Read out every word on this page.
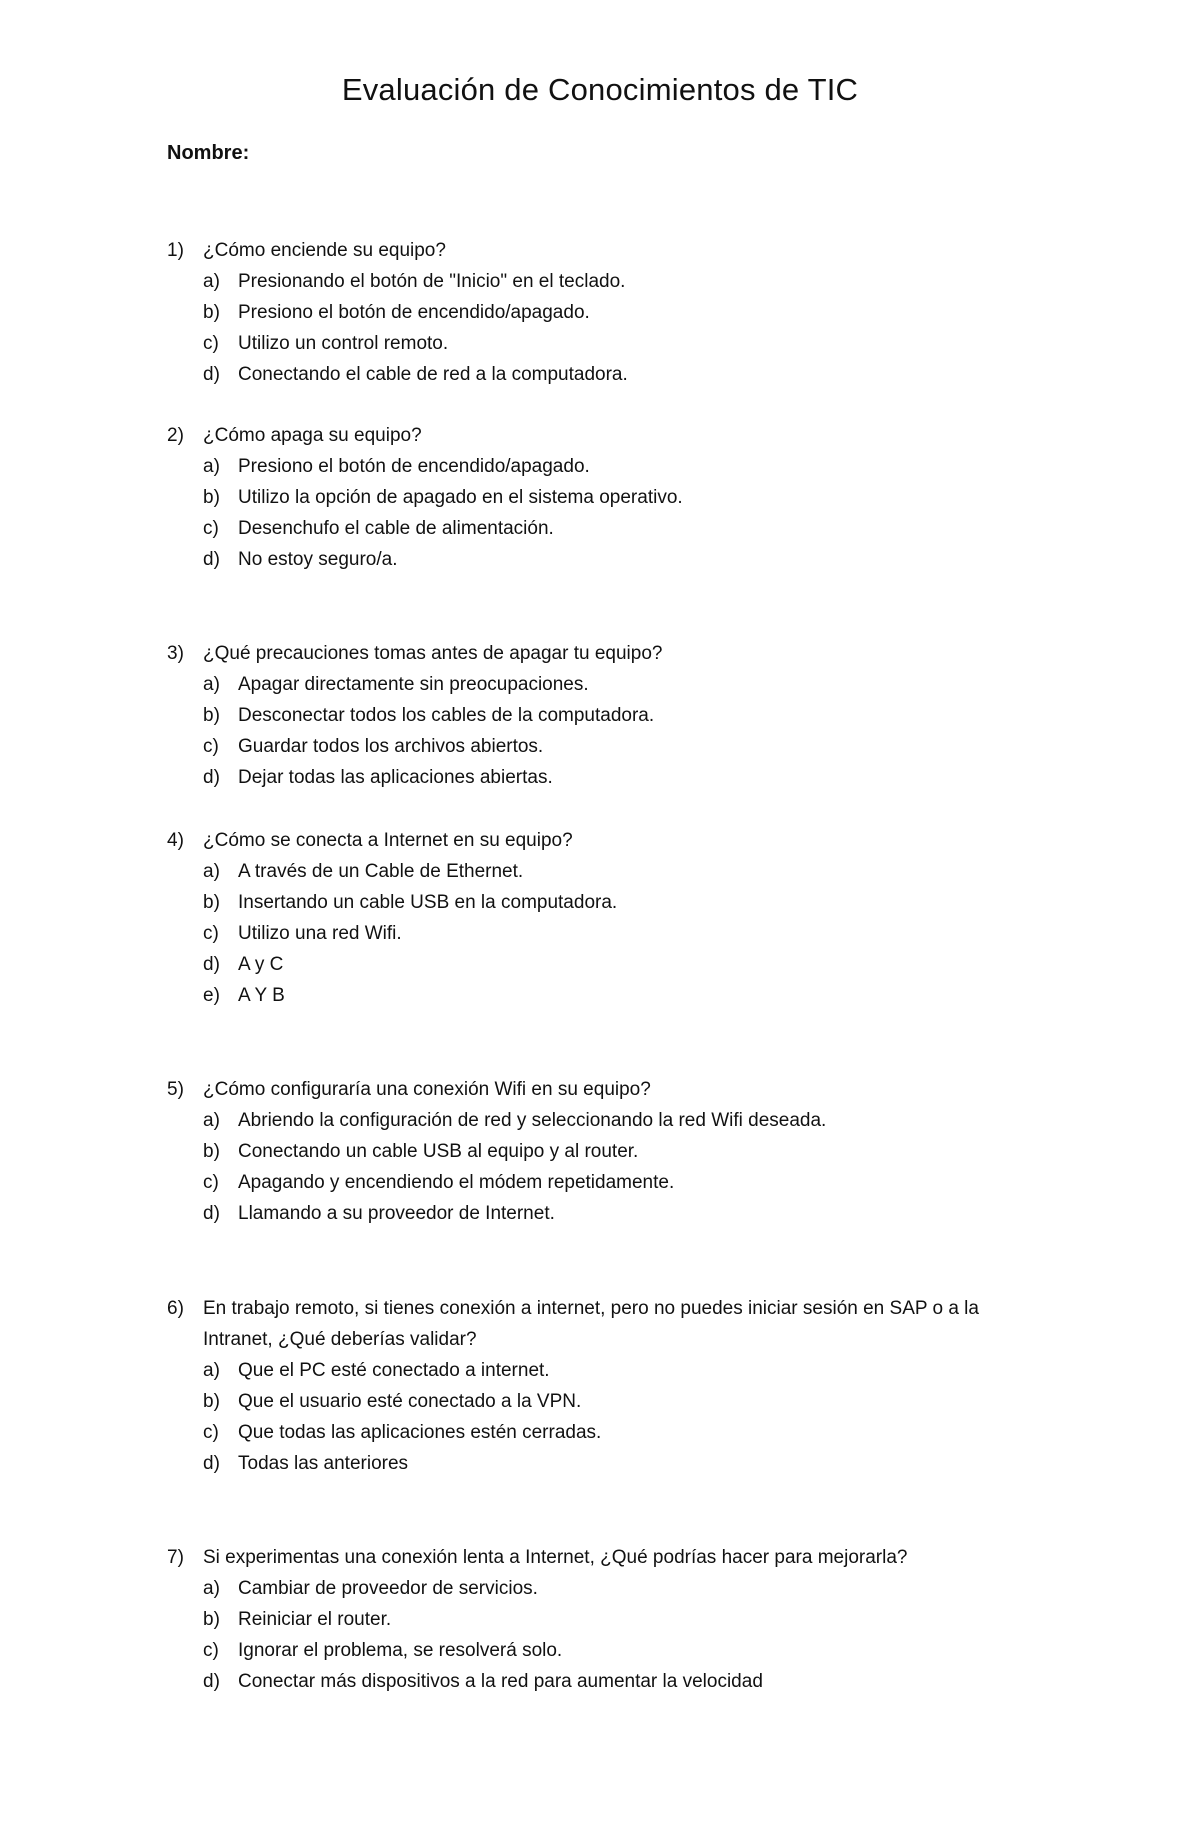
Evaluación de Conocimientos de TIC

Nombre:

1)	¿Cómo enciende su equipo?
a) Presionando el botón de "Inicio" en el teclado.
b) Presiono el botón de encendido/apagado.
c)	Utilizo un control remoto.
d) Conectando el cable de red a la computadora.
2)	¿Cómo apaga su equipo?
a) Presiono el botón de encendido/apagado.
b) Utilizo la opción de apagado en el sistema operativo.
c)	Desenchufo el cable de alimentación.
d) No estoy seguro/a.
3)	¿Qué precauciones tomas antes de apagar tu equipo?
a) Apagar directamente sin preocupaciones.
b) Desconectar todos los cables de la computadora.
c)	Guardar todos los archivos abiertos.
d) Dejar todas las aplicaciones abiertas.
4)	¿Cómo se conecta a Internet en su equipo?
a) A través de un Cable de Ethernet.
b) Insertando un cable USB en la computadora.
c)	Utilizo una red Wifi.
d) A y C
e) A Y B
5)	¿Cómo configuraría una conexión Wifi en su equipo?
a) Abriendo la configuración de red y seleccionando la red Wifi deseada.
b) Conectando un cable USB al equipo y al router.
c)	Apagando y encendiendo el módem repetidamente.
d) Llamando a su proveedor de Internet.
6)	En trabajo remoto, si tienes conexión a internet, pero no puedes iniciar sesión en SAP o a la Intranet, ¿Qué deberías validar?
a) Que el PC esté conectado a internet.
b) Que el usuario esté conectado a la VPN.
c)	Que todas las aplicaciones estén cerradas.
d) Todas las anteriores
7)	Si experimentas una conexión lenta a Internet, ¿Qué podrías hacer para mejorarla?
a) Cambiar de proveedor de servicios.
b) Reiniciar el router.
c)	Ignorar el problema, se resolverá solo.
d) Conectar más dispositivos a la red para aumentar la velocidad
